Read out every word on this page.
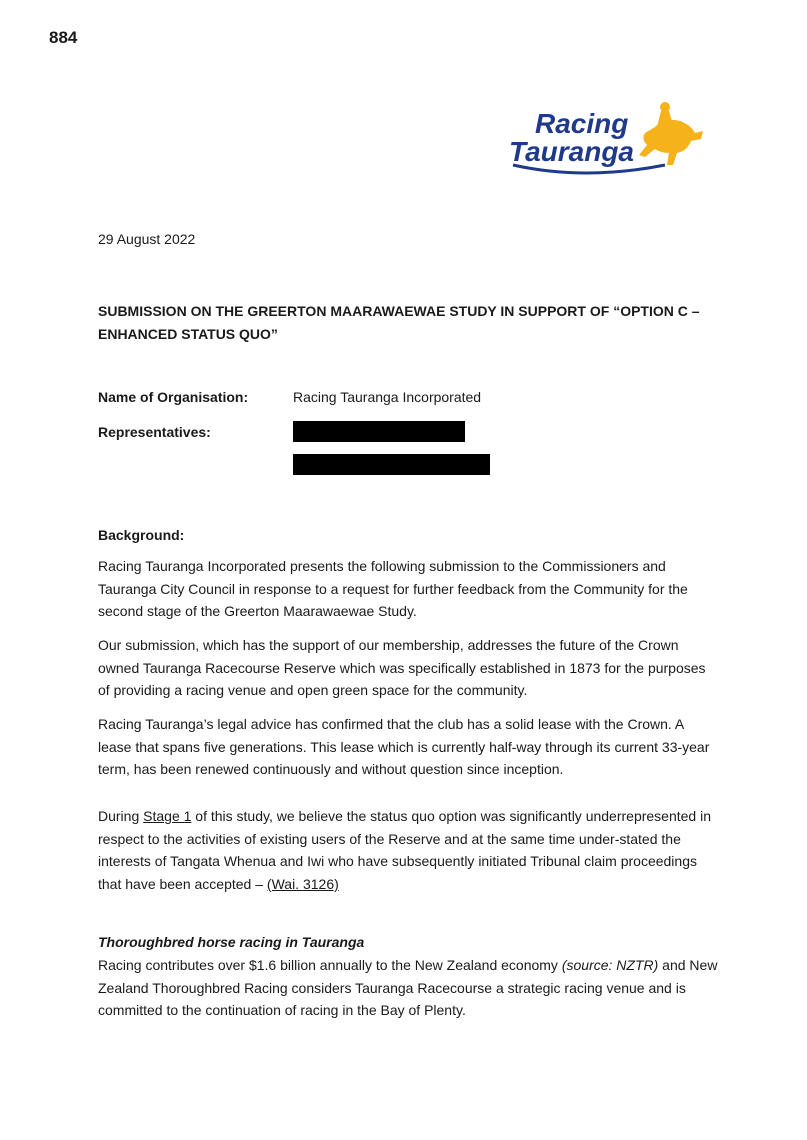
884
Racing
Tauranga
29 August 2022
SUBMISSION ON THE GREERTON MAARAWAEWAE STUDY IN SUPPORT OF “OPTION C – ENHANCED STATUS QUO”
Name of Organisation:	Racing Tauranga Incorporated
Representatives:
Background:

Racing Tauranga Incorporated presents the following submission to the Commissioners and Tauranga City Council in response to a request for further feedback from the Community for the second stage of the Greerton Maarawaewae Study.

Our submission, which has the support of our membership, addresses the future of the Crown owned Tauranga Racecourse Reserve which was specifically established in 1873 for the purposes of providing a racing venue and open green space for the community.

Racing Tauranga’s legal advice has confirmed that the club has a solid lease with the Crown. A lease that spans five generations. This lease which is currently half-way through its current 33-year term, has been renewed continuously and without question since inception.

During Stage 1 of this study, we believe the status quo option was significantly underrepresented in respect to the activities of existing users of the Reserve and at the same time under-stated the interests of Tangata Whenua and Iwi who have subsequently initiated Tribunal claim proceedings that have been accepted – (Wai. 3126)

Thoroughbred horse racing in Tauranga

Racing contributes over $1.6 billion annually to the New Zealand economy (source: NZTR) and New Zealand Thoroughbred Racing considers Tauranga Racecourse a strategic racing venue and is committed to the continuation of racing in the Bay of Plenty.
